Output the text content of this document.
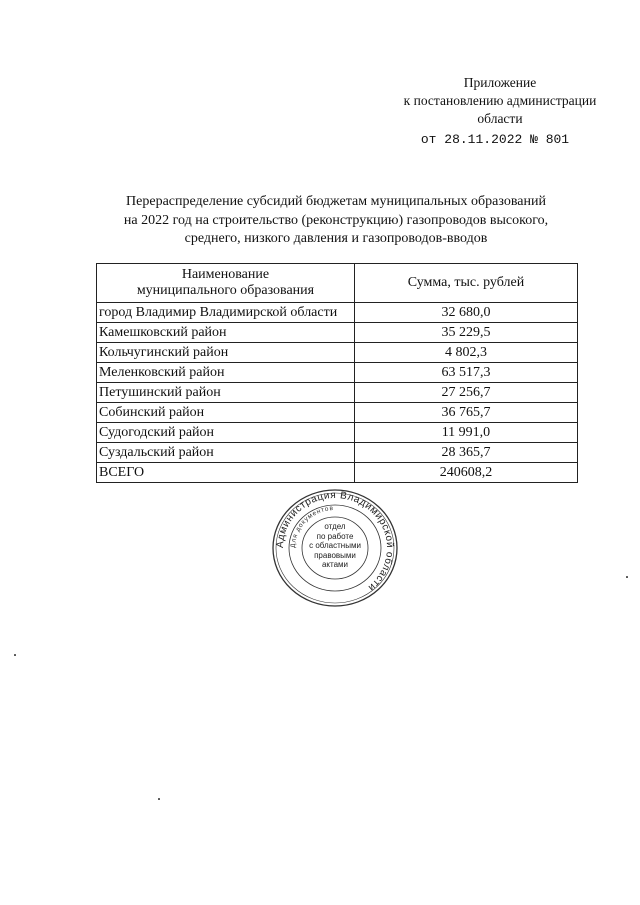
Приложение
к постановлению администрации
области
от 28.11.2022 № 801
Перераспределение субсидий бюджетам муниципальных образований
на 2022 год на строительство (реконструкцию) газопроводов высокого,
среднего, низкого давления и газопроводов-вводов
Наименование
муниципального образования	Сумма, тыс. рублей
город Владимир Владимирской области	32 680,0
Камешковский район	35 229,5
Кольчугинский район	4 802,3
Меленковский район	63 517,3
Петушинский район	27 256,7
Собинский район	36 765,7
Судогодский район	11 991,0
Суздальский район	28 365,7
ВСЕГО	240608,2
Администрация Владимирской области
Для документов
отдел
по работе
с областными
правовыми
актами
